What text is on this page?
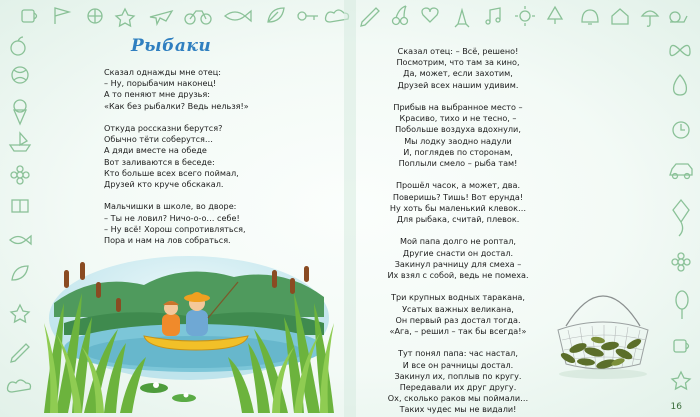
Рыбаки
Сказал однажды мне отец:
– Ну, порыбачим наконец!
А то пеняют мне друзья:
«Как без рыбалки? Ведь нельзя!»
Откуда россказни берутся?
Обычно тёти соберутся…
А дяди вместе на обеде
Вот заливаются в беседе:
Кто больше всех всего поймал,
Друзей кто круче обскакал.
Мальчишки в школе, во дворе:
– Ты не ловил? Ничо-о-о… себе!
– Ну всё! Хорош сопротивляться,
Пора и нам на лов собраться.
Сказал отец: – Всё, решено!
Посмотрим, что там за кино,
Да, может, если захотим,
Друзей всех нашим удивим.
Прибыв на выбранное место –
Красиво, тихо и не тесно, –
Побольше воздуха вдохнули,
Мы лодку заодно надули
И, поглядев по сторонам,
Поплыли смело – рыба там!
Прошёл часок, а может, два.
Поверишь? Тишь! Вот ерунда!
Ну хоть бы маленький клевок…
Для рыбака, считай, плевок.
Мой папа долго не роптал,
Другие снасти он достал.
Закинул рачницу для смеха –
Их взял с собой, ведь не помеха.
Три крупных водных таракана,
Усатых важных великана,
Он первый раз достал тогда.
«Ага, – решил – так бы всегда!»
Тут понял папа: час настал,
И все он рачницы достал.
Закинул их, поплыв по кругу.
Передавали их друг другу.
Ох, сколько раков мы поймали…
Таких чудес мы не видали!	16
